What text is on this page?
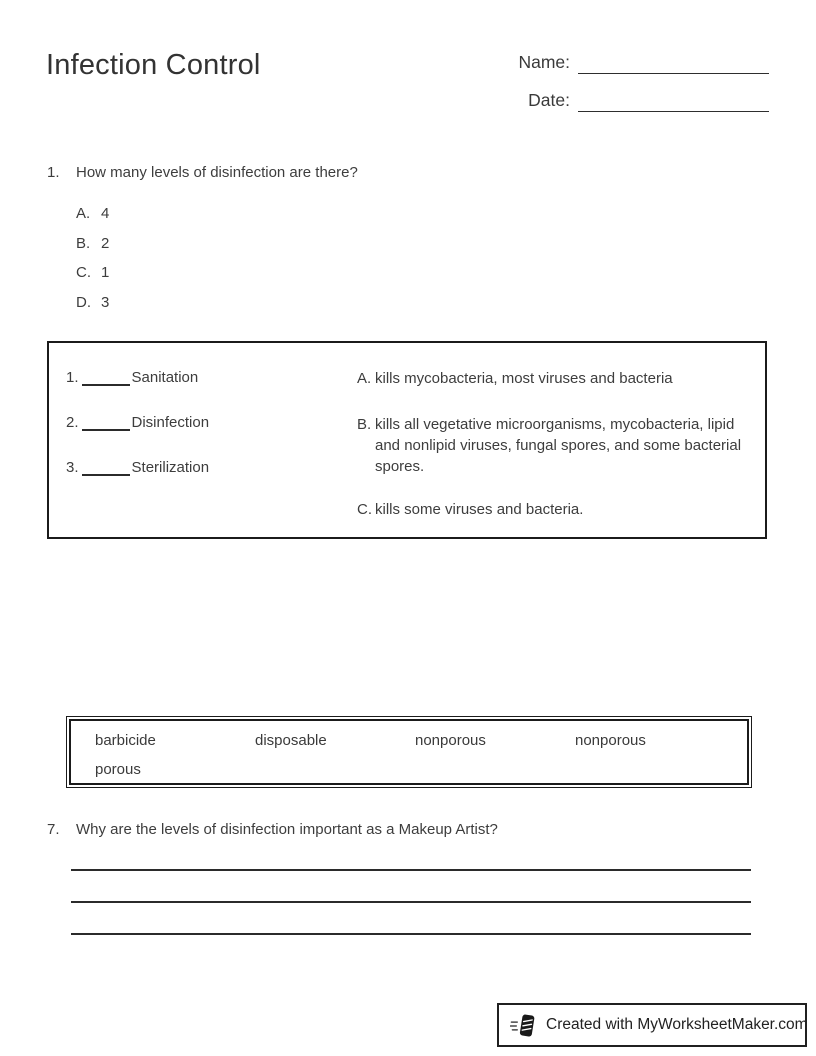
Infection Control	Name:
Date:
1.	How many levels of disinfection are there?
A. 4
B. 2
C. 1
D. 3
1.	Sanitation
2.	Disinfection
3.	Sterilization
A. kills mycobacteria, most viruses and bacteria
B. kills all vegetative microorganisms, mycobacteria, lipid and nonlipid viruses, fungal spores, and some bacterial spores.
C. kills some viruses and bacteria.
barbicide	disposable	nonporous	nonporous
porous
7.	Why are the levels of disinfection important as a Makeup Artist?
Created with MyWorksheetMaker.com
